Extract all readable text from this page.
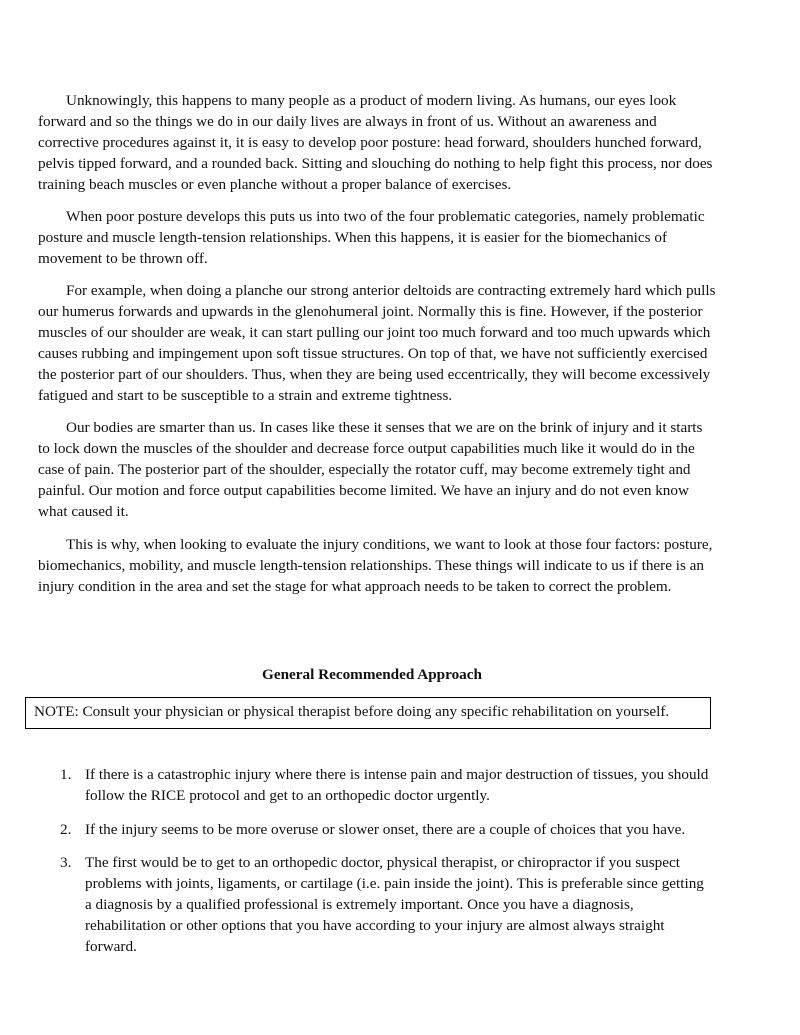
Unknowingly, this happens to many people as a product of modern living. As humans, our eyes look forward and so the things we do in our daily lives are always in front of us. Without an awareness and corrective procedures against it, it is easy to develop poor posture: head forward, shoulders hunched forward, pelvis tipped forward, and a rounded back. Sitting and slouching do nothing to help fight this process, nor does training beach muscles or even planche without a proper balance of exercises.

When poor posture develops this puts us into two of the four problematic categories, namely problematic posture and muscle length-tension relationships. When this happens, it is easier for the biomechanics of movement to be thrown off.

For example, when doing a planche our strong anterior deltoids are contracting extremely hard which pulls our humerus forwards and upwards in the glenohumeral joint. Normally this is fine. However, if the posterior muscles of our shoulder are weak, it can start pulling our joint too much forward and too much upwards which causes rubbing and impingement upon soft tissue structures. On top of that, we have not sufficiently exercised the posterior part of our shoulders. Thus, when they are being used eccentrically, they will become excessively fatigued and start to be susceptible to a strain and extreme tightness.

Our bodies are smarter than us. In cases like these it senses that we are on the brink of injury and it starts to lock down the muscles of the shoulder and decrease force output capabilities much like it would do in the case of pain. The posterior part of the shoulder, especially the rotator cuff, may become extremely tight and painful. Our motion and force output capabilities become limited. We have an injury and do not even know what caused it.

This is why, when looking to evaluate the injury conditions, we want to look at those four factors: posture, biomechanics, mobility, and muscle length-tension relationships. These things will indicate to us if there is an injury condition in the area and set the stage for what approach needs to be taken to correct the problem.

General Recommended Approach
NOTE: Consult your physician or physical therapist before doing any specific rehabilitation on yourself.
1. If there is a catastrophic injury where there is intense pain and major destruction of tissues, you should follow the RICE protocol and get to an orthopedic doctor urgently.
2. If the injury seems to be more overuse or slower onset, there are a couple of choices that you have.
3. The first would be to get to an orthopedic doctor, physical therapist, or chiropractor if you suspect problems with joints, ligaments, or cartilage (i.e. pain inside the joint). This is preferable since getting a diagnosis by a qualified professional is extremely important. Once you have a diagnosis, rehabilitation or other options that you have according to your injury are almost always straight forward.
